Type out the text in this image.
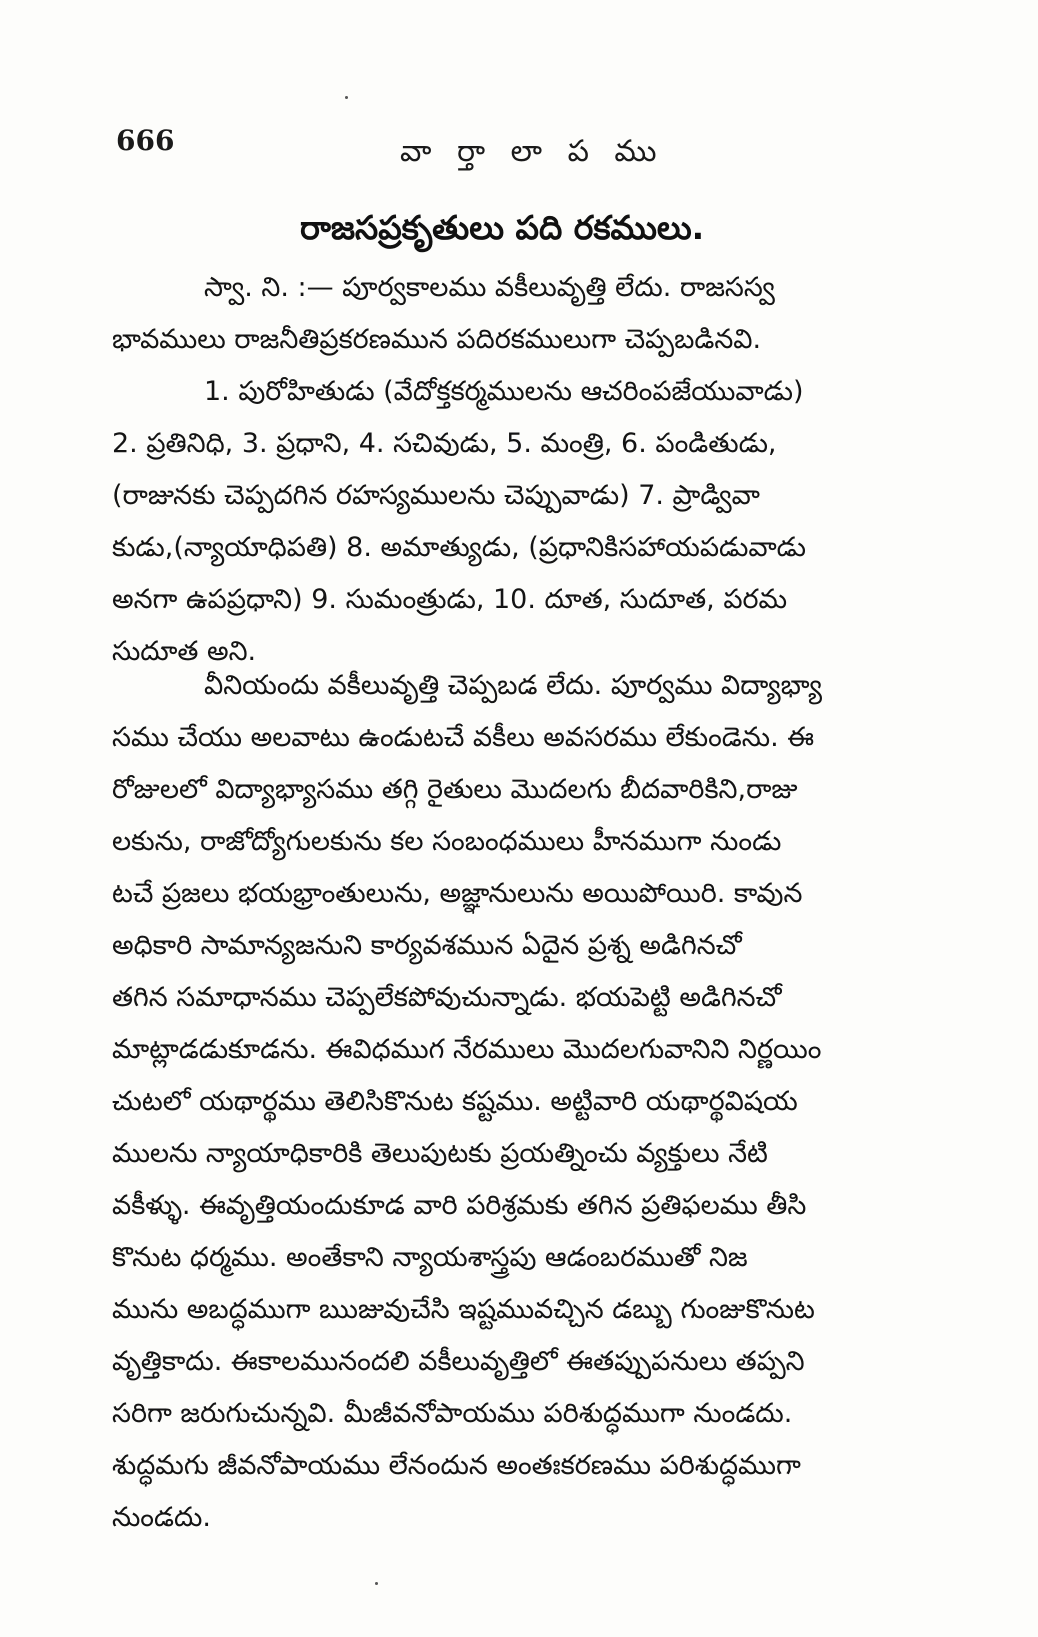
666	వా ర్తా లా ప ము
రాజసప్రకృతులు పది రకములు.
స్వా. ని. :— పూర్వకాలము వకీలువృత్తి లేదు. రాజసస్వ
భావములు రాజనీతిప్రకరణమున పదిరకములుగా చెప్పబడినవి.
1. పురోహితుడు (వేదోక్తకర్మములను ఆచరింపజేయువాడు)
2. ప్రతినిధి, 3. ప్రధాని, 4. సచివుడు, 5. మంత్రి, 6. పండితుడు,
(రాజునకు చెప్పదగిన రహస్యములను చెప్పువాడు) 7. ప్రాడ్వివా
కుడు,(న్యాయాధిపతి) 8. అమాత్యుడు, (ప్రధానికిసహాయపడువాడు
అనగా ఉపప్రధాని) 9. సుమంత్రుడు, 10. దూత, సుదూత, పరమ
సుదూత అని.
వీనియందు వకీలువృత్తి చెప్పబడ లేదు. పూర్వము విద్యాభ్యా
సము చేయు అలవాటు ఉండుటచే వకీలు అవసరము లేకుండెను. ఈ
రోజులలో విద్యాభ్యాసము తగ్గి రైతులు మొదలగు బీదవారికిని,రాజు
లకును, రాజోద్యోగులకును కల సంబంధములు హీనముగా నుండు
టచే ప్రజలు భయభ్రాంతులును, అజ్ఞానులును అయిపోయిరి. కావున
అధికారి సామాన్యజనుని కార్యవశమున ఏదైన ప్రశ్న అడిగినచో
తగిన సమాధానము చెప్పలేకపోవుచున్నాడు. భయపెట్టి అడిగినచో
మాట్లాడడుకూడను. ఈవిధముగ నేరములు మొదలగువానిని నిర్ణయిం
చుటలో యథార్థము తెలిసికొనుట కష్టము. అట్టివారి యథార్థవిషయ
ములను న్యాయాధికారికి తెలుపుటకు ప్రయత్నించు వ్యక్తులు నేటి
వకీళ్ళు. ఈవృత్తియందుకూడ వారి పరిశ్రమకు తగిన ప్రతిఫలము తీసి
కొనుట ధర్మము. అంతేకాని న్యాయశాస్త్రపు ఆడంబరముతో నిజ
మును అబద్ధముగా ఋజువుచేసి ఇష్టమువచ్చిన డబ్బు గుంజుకొనుట
వృత్తికాదు. ఈకాలమునందలి వకీలువృత్తిలో ఈతప్పుపనులు తప్పని
సరిగా జరుగుచున్నవి. మీజీవనోపాయము పరిశుద్ధముగా నుండదు.
శుద్ధమగు జీవనోపాయము లేనందున అంతఃకరణము పరిశుద్ధముగా
నుండదు.
